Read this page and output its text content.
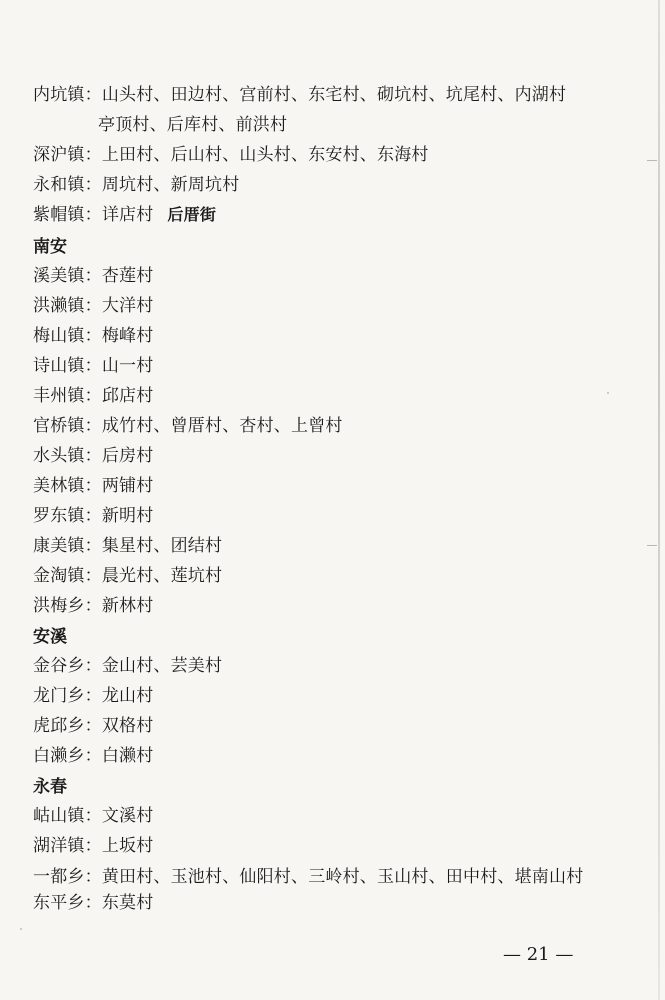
内坑镇：山头村、田边村、宫前村、东宅村、砌坑村、坑尾村、内湖村
亭顶村、后库村、前洪村
深沪镇：上田村、后山村、山头村、东安村、东海村
永和镇：周坑村、新周坑村
紫帽镇：详店村 后厝街
南安
溪美镇：杏莲村
洪濑镇：大洋村
梅山镇：梅峰村
诗山镇：山一村
丰州镇：邱店村
官桥镇：成竹村、曾厝村、杏村、上曾村
水头镇：后房村
美林镇：两铺村
罗东镇：新明村
康美镇：集星村、团结村
金淘镇：晨光村、莲坑村
洪梅乡：新林村
安溪
金谷乡：金山村、芸美村
龙门乡：龙山村
虎邱乡：双格村
白濑乡：白濑村
永春
岵山镇：文溪村
湖洋镇：上坂村
一都乡：黄田村、玉池村、仙阳村、三岭村、玉山村、田中村、堪南山村
东平乡：东莫村
— 21 —
